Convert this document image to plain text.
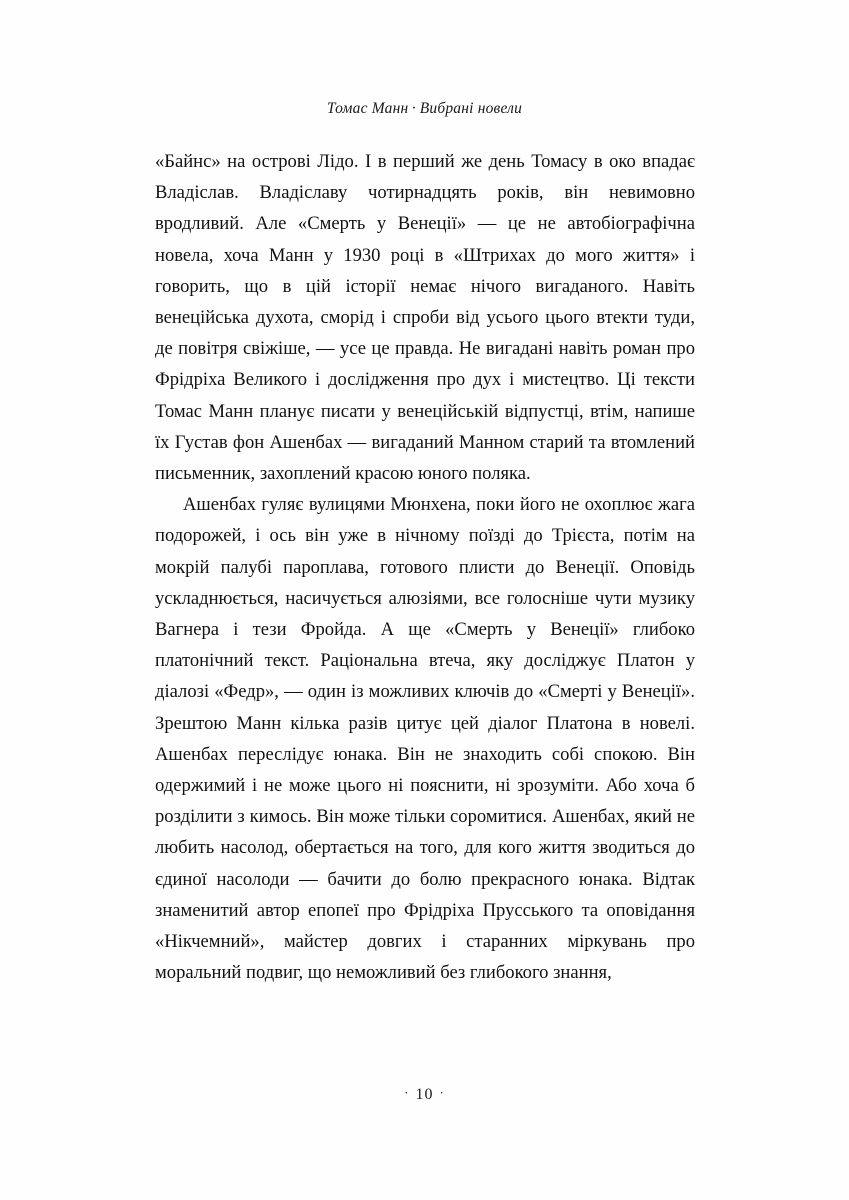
Томас Манн · Вибрані новели

«Байнс» на острові Лідо. І в перший же день Томасу в око впадає Владіслав. Владіславу чотирнадцять років, він невимовно вродливий. Але «Смерть у Венеції» — це не автобіографічна новела, хоча Манн у 1930 році в «Штрихах до мого життя» і говорить, що в цій історії немає нічого вигаданого. Навіть венеційська духота, сморід і спроби від усього цього втекти туди, де повітря свіжіше, — усе це правда. Не вигадані навіть роман про Фрідріха Великого і дослідження про дух і мистецтво. Ці тексти Томас Манн планує писати у венеційській відпустці, втім, напише їх Густав фон Ашенбах — вигаданий Манном старий та втомлений письменник, захоплений красою юного поляка.

Ашенбах гуляє вулицями Мюнхена, поки його не охоплює жага подорожей, і ось він уже в нічному поїзді до Трієста, потім на мокрій палубі пароплава, готового плисти до Венеції. Оповідь ускладнюється, насичується алюзіями, все голосніше чути музику Вагнера і тези Фройда. А ще «Смерть у Венеції» глибоко платонічний текст. Раціональна втеча, яку досліджує Платон у діалозі «Федр», — один із можливих ключів до «Смерті у Венеції». Зрештою Манн кілька разів цитує цей діалог Платона в новелі. Ашенбах переслідує юнака. Він не знаходить собі спокою. Він одержимий і не може цього ні пояснити, ні зрозуміти. Або хоча б розділити з кимось. Він може тільки соромитися. Ашенбах, який не любить насолод, обертається на того, для кого життя зводиться до єдиної насолоди — бачити до болю прекрасного юнака. Відтак знаменитий автор епопеї про Фрідріха Прусського та оповідання «Нікчемний», майстер довгих і старанних міркувань про моральний подвиг, що неможливий без глибокого знання,

· 10 ·
